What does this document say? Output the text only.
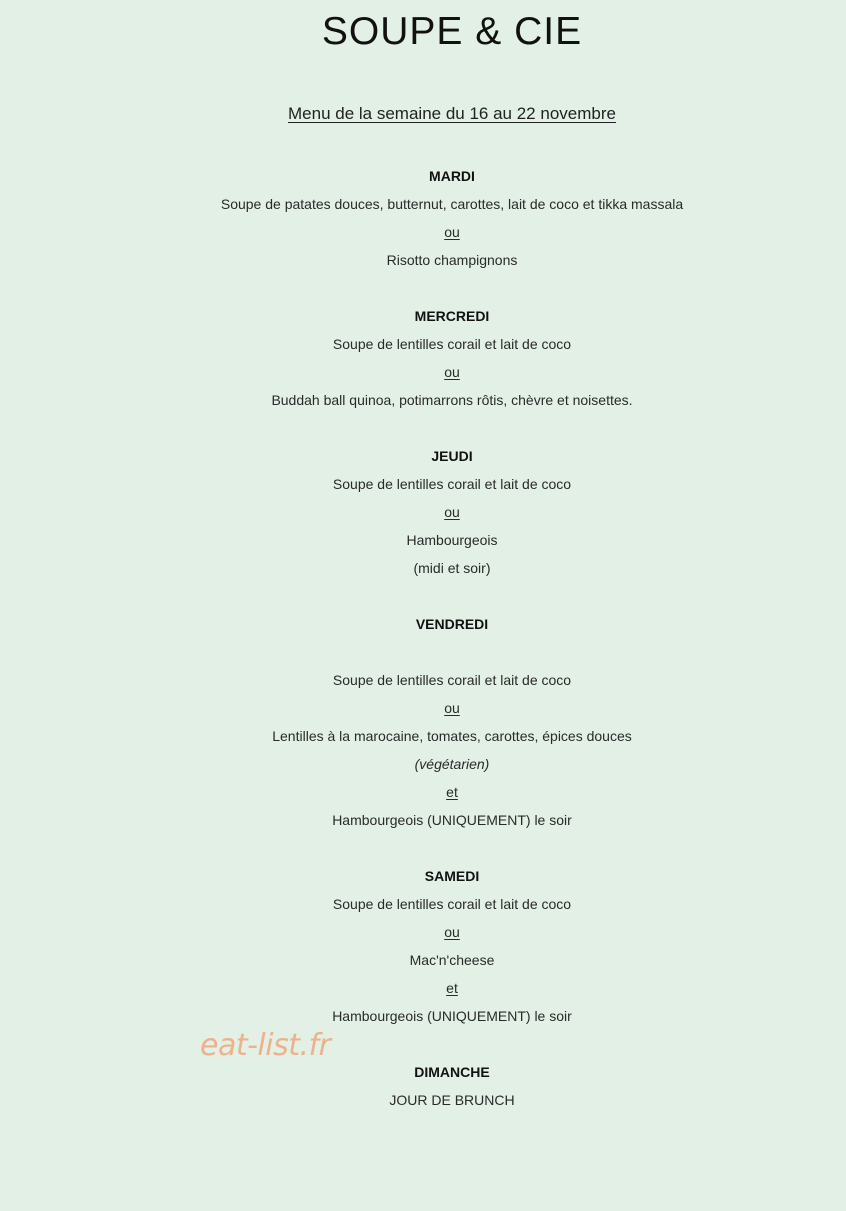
SOUPE & CIE
Menu de la semaine du 16 au 22 novembre
MARDI
Soupe de patates douces, butternut, carottes, lait de coco et tikka massala
ou
Risotto champignons
MERCREDI
Soupe de lentilles corail et lait de coco
ou
Buddah ball quinoa, potimarrons rôtis, chèvre et noisettes.
JEUDI
Soupe de lentilles corail et lait de coco
ou
Hambourgeois
(midi et soir)
VENDREDI
Soupe de lentilles corail et lait de coco
ou
Lentilles à la marocaine, tomates, carottes, épices douces
(végétarien)
et
Hambourgeois (UNIQUEMENT) le soir
SAMEDI
Soupe de lentilles corail et lait de coco
ou
Mac'n'cheese
et
Hambourgeois (UNIQUEMENT) le soir
DIMANCHE
JOUR DE BRUNCH
eat-list.fr
